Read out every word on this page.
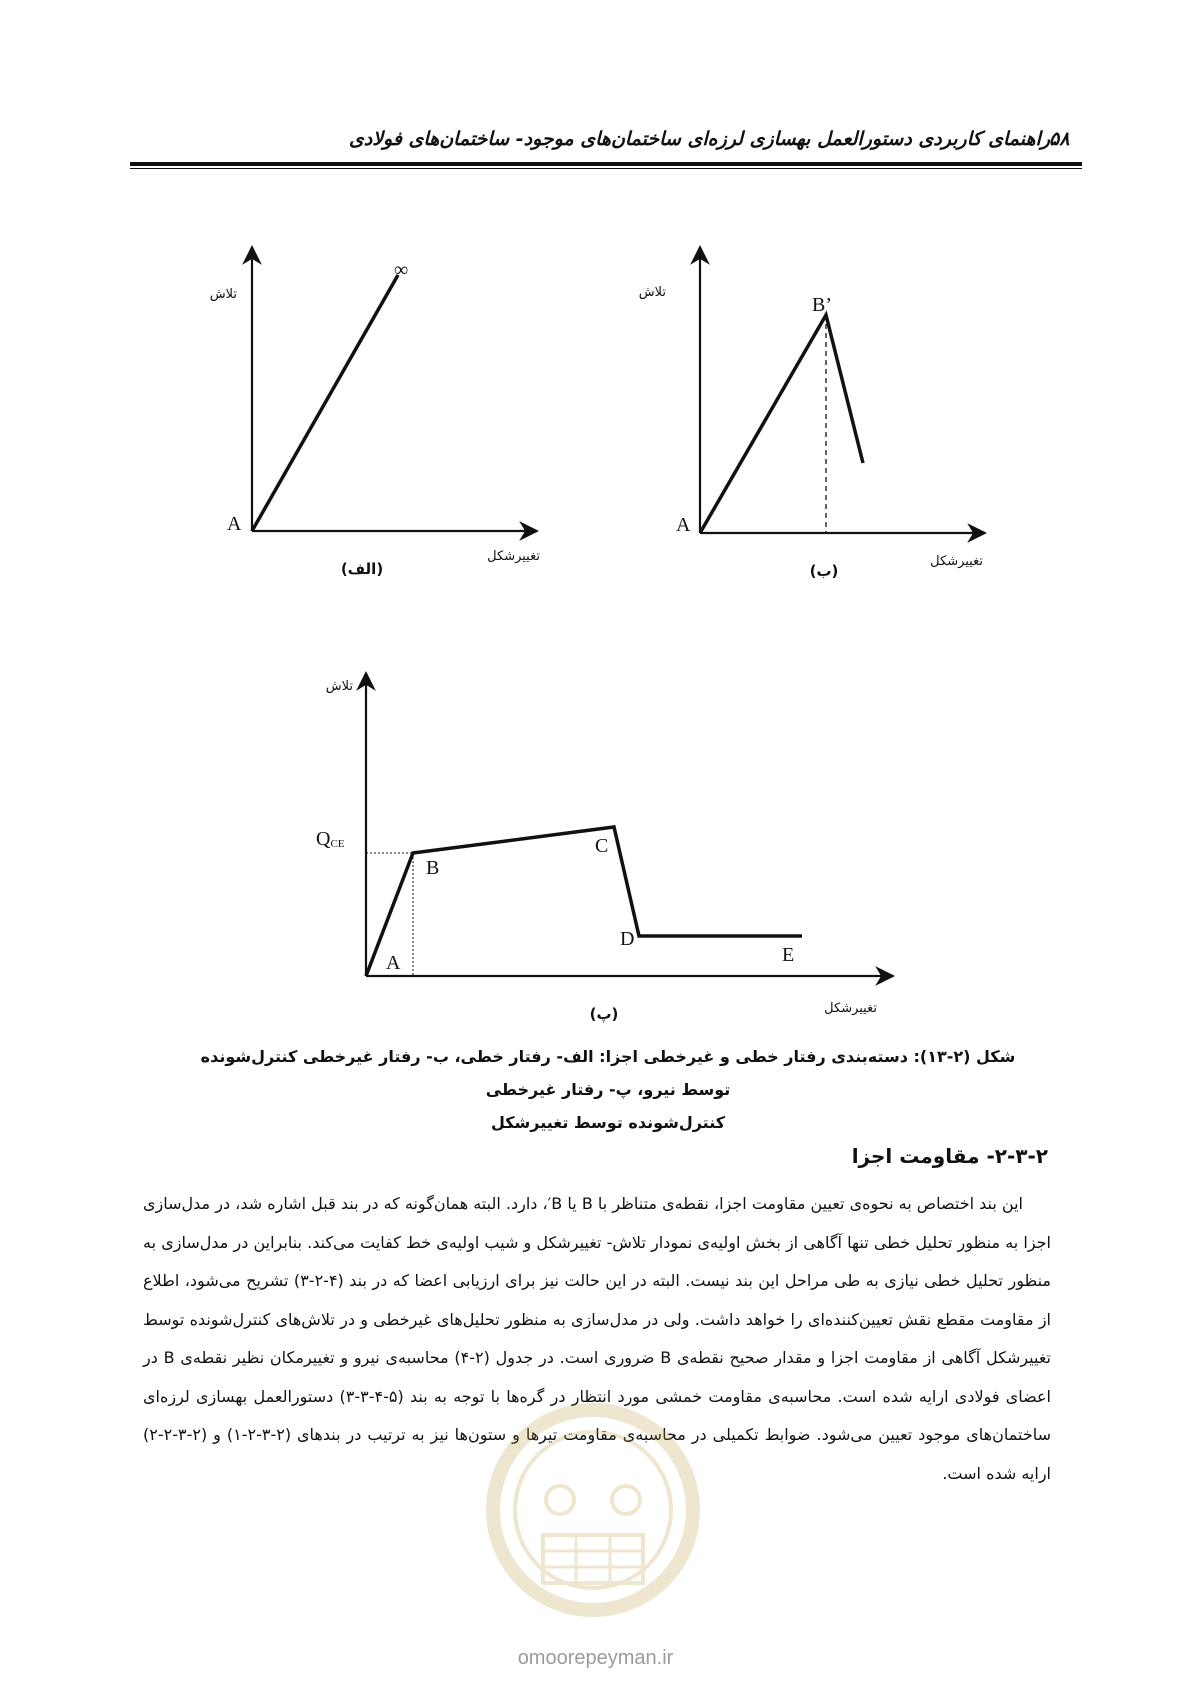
راهنمای کاربردی دستورالعمل بهسازی لرزه‌ای ساختمان‌های موجود- ساختمان‌های فولادی ۵۸
تلاش
تغییرشکل
A
∞
(الف)
تلاش
تغییرشکل
A
B’
(ب)
تلاش
تغییرشکل
QCE
A
B
C
D
E
(پ)
شکل (۲-۱۳): دسته‌بندی رفتار خطی و غیرخطی اجزا: الف- رفتار خطی، ب- رفتار غیرخطی کنترل‌شونده توسط نیرو، پ- رفتار غیرخطی
کنترل‌شونده توسط تغییرشکل
۲-۳-۲- مقاومت اجزا

این بند اختصاص به نحوه‌ی تعیین مقاومت اجزا، نقطه‌ی متناظر با B یا B′، دارد. البته همان‌گونه که در بند قبل اشاره شد، در مدل‌سازی اجزا به منظور تحلیل خطی تنها آگاهی از بخش اولیه‌ی نمودار تلاش- تغییرشکل و شیب اولیه‌ی خط کفایت می‌کند. بنابراین در مدل‌سازی به منظور تحلیل خطی نیازی به طی مراحل این بند نیست. البته در این حالت نیز برای ارزیابی اعضا که در بند (۴-۲-۳) تشریح می‌شود، اطلاع از مقاومت مقطع نقش تعیین‌کننده‌ای را خواهد داشت. ولی در مدل‌سازی به منظور تحلیل‌های غیرخطی و در تلاش‌های کنترل‌شونده توسط تغییرشکل آگاهی از مقاومت اجزا و مقدار صحیح نقطه‌ی B ضروری است. در جدول (۲-۴) محاسبه‌ی نیرو و تغییرمکان نظیر نقطه‌ی B در اعضای فولادی ارایه شده است. محاسبه‌ی مقاومت خمشی مورد انتظار در گره‌ها با توجه به بند (۵-۴-۳-۳) دستورالعمل بهسازی لرزه‌ای ساختمان‌های موجود تعیین می‌شود. ضوابط تکمیلی در محاسبه‌ی مقاومت تیرها و ستون‌ها نیز به ترتیب در بندهای (۲-۳-۲-۱) و (۲-۳-۲-۲) ارایه شده است.

omoorepeyman.ir
